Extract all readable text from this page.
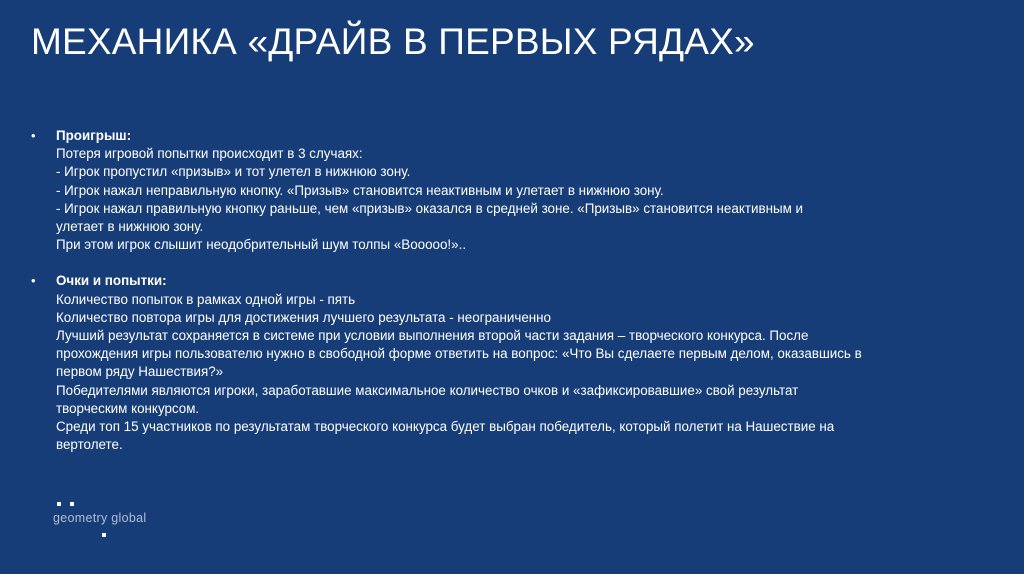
МЕХАНИКА «ДРАЙВ В ПЕРВЫХ РЯДАХ»
• Проигрыш:
Потеря игровой попытки происходит в 3 случаях:
- Игрок пропустил «призыв» и тот улетел в нижнюю зону.
- Игрок нажал неправильную кнопку. «Призыв» становится неактивным и улетает в нижнюю зону.
- Игрок нажал правильную кнопку раньше, чем «призыв» оказался в средней зоне. «Призыв» становится неактивным и
улетает в нижнюю зону.
При этом игрок слышит неодобрительный шум толпы «Вооооо!»..
• Очки и попытки:
Количество попыток в рамках одной игры - пять
Количество повтора игры для достижения лучшего результата - неограниченно
Лучший результат сохраняется в системе при условии выполнения второй части задания – творческого конкурса. После
прохождения игры пользователю нужно в свободной форме ответить на вопрос: «Что Вы сделаете первым делом, оказавшись в
первом ряду Нашествия?»
Победителями являются игроки, заработавшие максимальное количество очков и «зафиксировавшие» свой результат
творческим конкурсом.
Среди топ 15 участников по результатам творческого конкурса будет выбран победитель, который полетит на Нашествие на
вертолете.
geometry global
